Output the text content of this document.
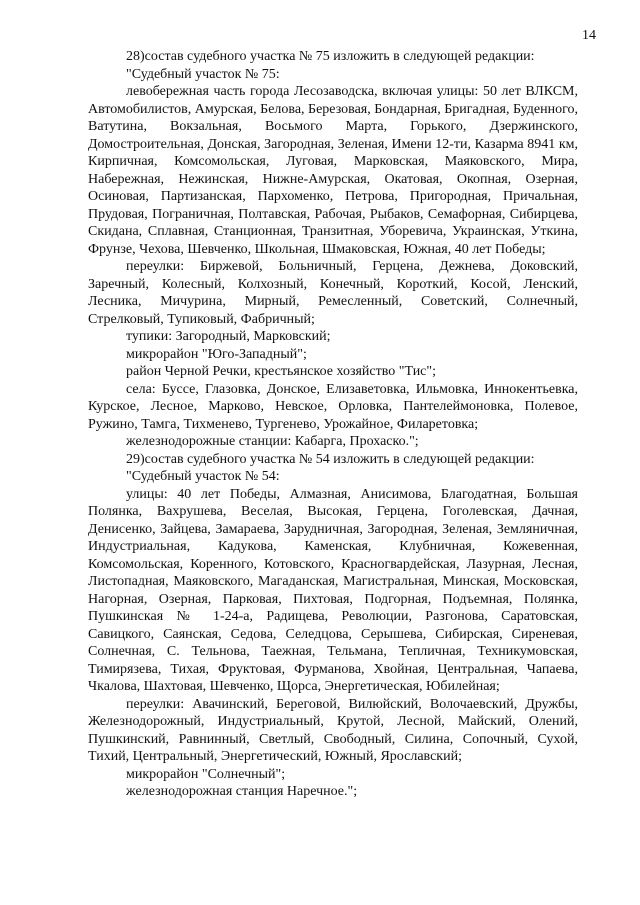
14

28)состав судебного участка № 75 изложить в следующей редакции:

"Судебный участок № 75:

левобережная часть города Лесозаводска, включая улицы: 50 лет ВЛКСМ, Автомобилистов, Амурская, Белова, Березовая, Бондарная, Бригадная, Буденного, Ватутина, Вокзальная, Восьмого Марта, Горького, Дзержинского, Домостроительная, Донская, Загородная, Зеленая, Имени 12-ти, Казарма 8941 км, Кирпичная, Комсомольская, Луговая, Марковская, Маяковского, Мира, Набережная, Нежинская, Нижне-Амурская, Окатовая, Окопная, Озерная, Осиновая, Партизанская, Пархоменко, Петрова, Пригородная, Причальная, Прудовая, Пограничная, Полтавская, Рабочая, Рыбаков, Семафорная, Сибирцева, Скидана, Сплавная, Станционная, Транзитная, Уборевича, Украинская, Уткина, Фрунзе, Чехова, Шевченко, Школьная, Шмаковская, Южная, 40 лет Победы;

переулки: Биржевой, Больничный, Герцена, Дежнева, Доковский, Заречный, Колесный, Колхозный, Конечный, Короткий, Косой, Ленский, Лесника, Мичурина, Мирный, Ремесленный, Советский, Солнечный, Стрелковый, Тупиковый, Фабричный;

тупики: Загородный, Марковский;

микрорайон "Юго-Западный";

район Черной Речки, крестьянское хозяйство "Тис";

села: Буссе, Глазовка, Донское, Елизаветовка, Ильмовка, Иннокентьевка, Курское, Лесное, Марково, Невское, Орловка, Пантелеймоновка, Полевое, Ружино, Тамга, Тихменево, Тургенево, Урожайное, Филаретовка;

железнодорожные станции: Кабарга, Прохаско.";

29)состав судебного участка № 54 изложить в следующей редакции:

"Судебный участок № 54:

улицы: 40 лет Победы, Алмазная, Анисимова, Благодатная, Большая Полянка, Вахрушева, Веселая, Высокая, Герцена, Гоголевская, Дачная, Денисенко, Зайцева, Замараева, Зарудничная, Загородная, Зеленая, Земляничная, Индустриальная, Кадукова, Каменская, Клубничная, Кожевенная, Комсомольская, Коренного, Котовского, Красногвардейская, Лазурная, Лесная, Листопадная, Маяковского, Магаданская, Магистральная, Минская, Московская, Нагорная, Озерная, Парковая, Пихтовая, Подгорная, Подъемная, Полянка, Пушкинская № 1-24-а, Радищева, Революции, Разгонова, Саратовская, Савицкого, Саянская, Седова, Селедцова, Серышева, Сибирская, Сиреневая, Солнечная, С. Тельнова, Таежная, Тельмана, Тепличная, Техникумовская, Тимирязева, Тихая, Фруктовая, Фурманова, Хвойная, Центральная, Чапаева, Чкалова, Шахтовая, Шевченко, Щорса, Энергетическая, Юбилейная;

переулки: Авачинский, Береговой, Вилюйский, Волочаевский, Дружбы, Железнодорожный, Индустриальный, Крутой, Лесной, Майский, Олений, Пушкинский, Равнинный, Светлый, Свободный, Силина, Сопочный, Сухой, Тихий, Центральный, Энергетический, Южный, Ярославский;

микрорайон "Солнечный";

железнодорожная станция Наречное.";
